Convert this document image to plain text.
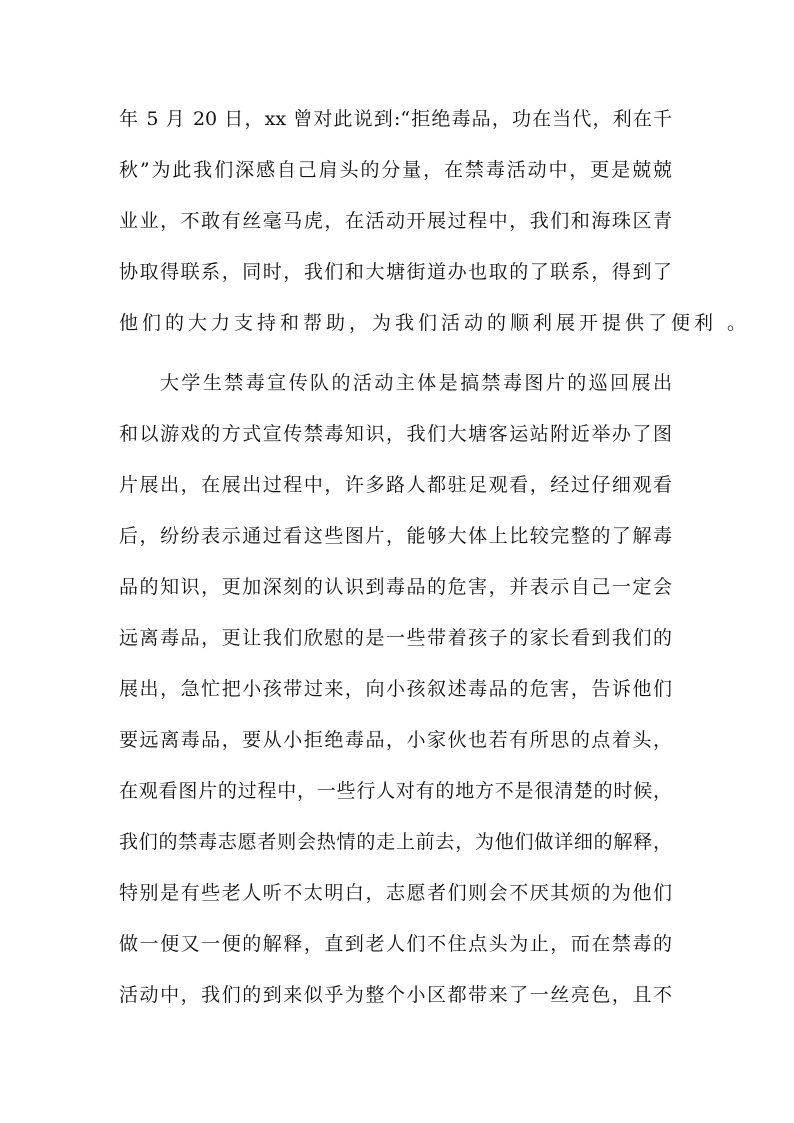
年 5 月 20 日，xx 曾对此说到:“拒绝毒品，功在当代，利在千
秋”为此我们深感自己肩头的分量，在禁毒活动中，更是兢兢
业业，不敢有丝毫马虎，在活动开展过程中，我们和海珠区青
协取得联系，同时，我们和大塘街道办也取的了联系，得到了
他们的大力支持和帮助，为我们活动的顺利展开提供了便利 。
大学生禁毒宣传队的活动主体是搞禁毒图片的巡回展出
和以游戏的方式宣传禁毒知识，我们大塘客运站附近举办了图
片展出，在展出过程中，许多路人都驻足观看，经过仔细观看
后，纷纷表示通过看这些图片，能够大体上比较完整的了解毒
品的知识，更加深刻的认识到毒品的危害，并表示自己一定会
远离毒品，更让我们欣慰的是一些带着孩子的家长看到我们的
展出，急忙把小孩带过来，向小孩叙述毒品的危害，告诉他们
要远离毒品，要从小拒绝毒品，小家伙也若有所思的点着头，
在观看图片的过程中，一些行人对有的地方不是很清楚的时候，
我们的禁毒志愿者则会热情的走上前去，为他们做详细的解释，
特别是有些老人听不太明白，志愿者们则会不厌其烦的为他们
做一便又一便的解释，直到老人们不住点头为止，而在禁毒的
活动中，我们的到来似乎为整个小区都带来了一丝亮色，且不
